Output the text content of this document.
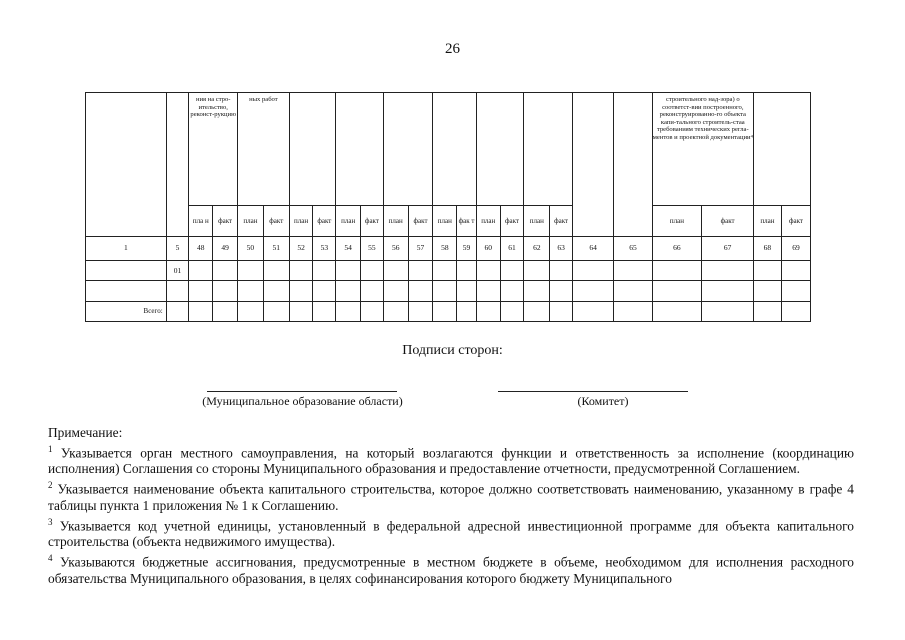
26
		ния на стро-ительство, реконст-рукцию		ных работ																строительного над-зора) о соответст-вии построенного, реконструированно-го объекта капи-тального строитель-стаа требованиям технических регла-ментов и проектной документации⁴			
		пла н	факт	план	факт	план	факт	план	факт	план	факт	план	фак т	план	факт	план	факт			план	факт	план	факт
1	5	48	49	50	51	52	53	54	55	56	57	58	59	60	61	62	63	64	65	66	67	68	69
	01																						

Всего:																							
Подписи сторон:
(Муниципальное образование области)	(Комитет)

Примечание:

$^1$ Указывается орган местного самоуправления, на который возлагаются функции и ответственность за исполнение (координацию исполнения) Соглашения со стороны Муниципального образования и предоставление отчетности, предусмотренной Соглашением.

$^2$ Указывается наименование объекта капитального строительства, которое должно соответствовать наименованию, указанному в графе 4 таблицы пункта 1 приложения № 1 к Соглашению.

$^3$ Указывается код учетной единицы, установленный в федеральной адресной инвестиционной программе для объекта капитального строительства (объекта недвижимого имущества).

$^4$ Указываются бюджетные ассигнования, предусмотренные в местном бюджете в объеме, необходимом для исполнения расходного обязательства Муниципального образования, в целях софинансирования которого бюджету Муниципального
